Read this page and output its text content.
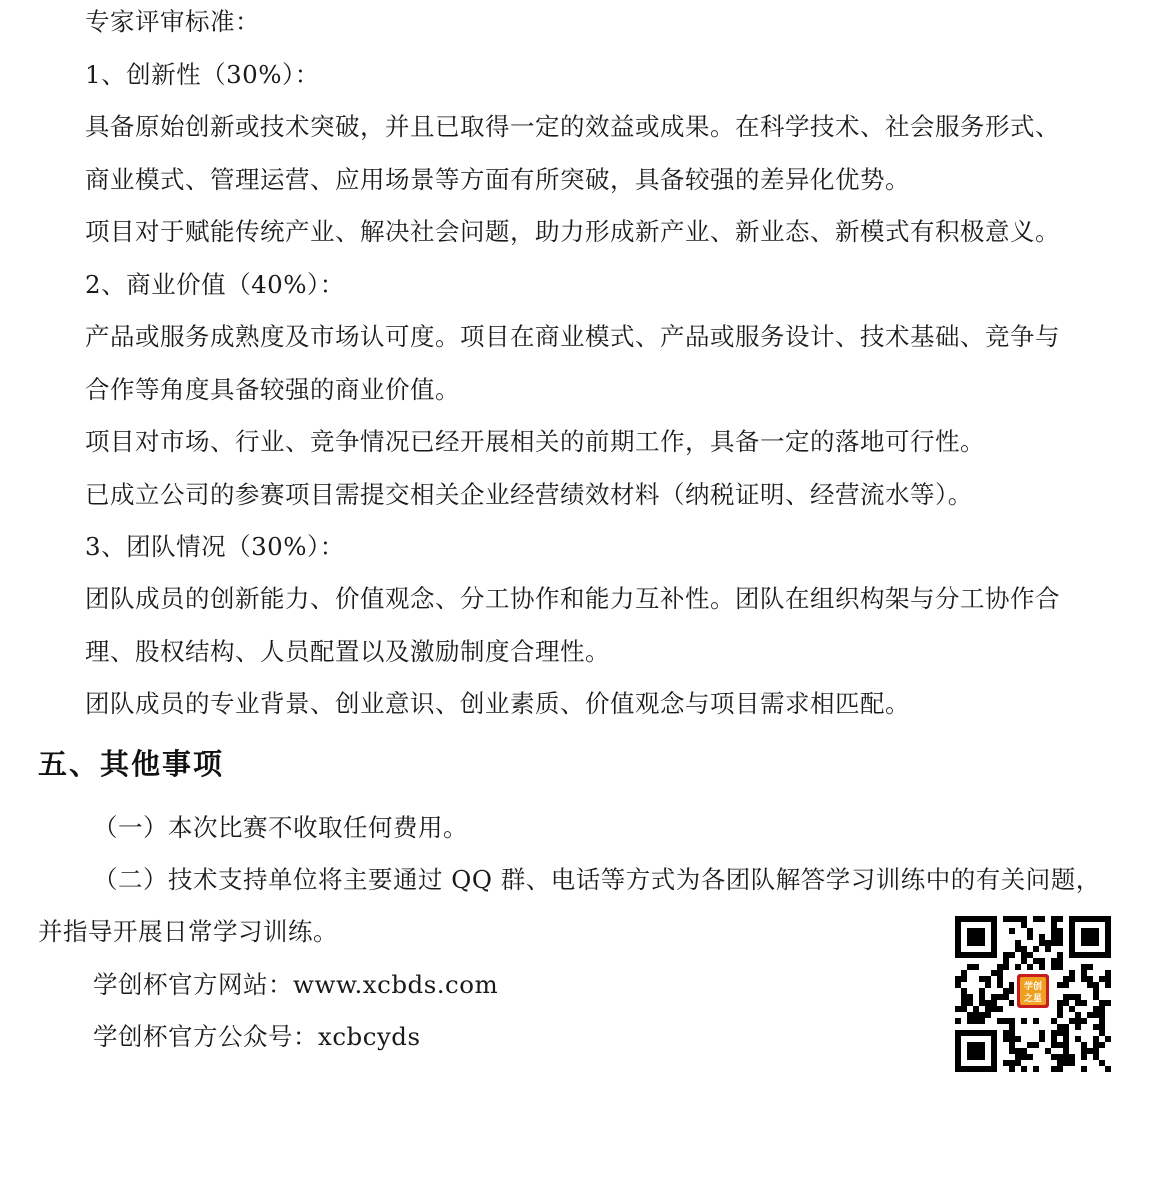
专家评审标准：
1、创新性（30%）：
具备原始创新或技术突破，并且已取得一定的效益或成果。在科学技术、社会服务形式、
商业模式、管理运营、应用场景等方面有所突破，具备较强的差异化优势。
项目对于赋能传统产业、解决社会问题，助力形成新产业、新业态、新模式有积极意义。
2、商业价值（40%）：
产品或服务成熟度及市场认可度。项目在商业模式、产品或服务设计、技术基础、竞争与
合作等角度具备较强的商业价值。
项目对市场、行业、竞争情况已经开展相关的前期工作，具备一定的落地可行性。
已成立公司的参赛项目需提交相关企业经营绩效材料（纳税证明、经营流水等）。
3、团队情况（30%）：
团队成员的创新能力、价值观念、分工协作和能力互补性。团队在组织构架与分工协作合
理、股权结构、人员配置以及激励制度合理性。
团队成员的专业背景、创业意识、创业素质、价值观念与项目需求相匹配。
五、其他事项
（一）本次比赛不收取任何费用。
（二）技术支持单位将主要通过 QQ 群、电话等方式为各团队解答学习训练中的有关问题，
并指导开展日常学习训练。
学创杯官方网站：www.xcbds.com
学创杯官方公众号：xcbcyds
学创
之星
